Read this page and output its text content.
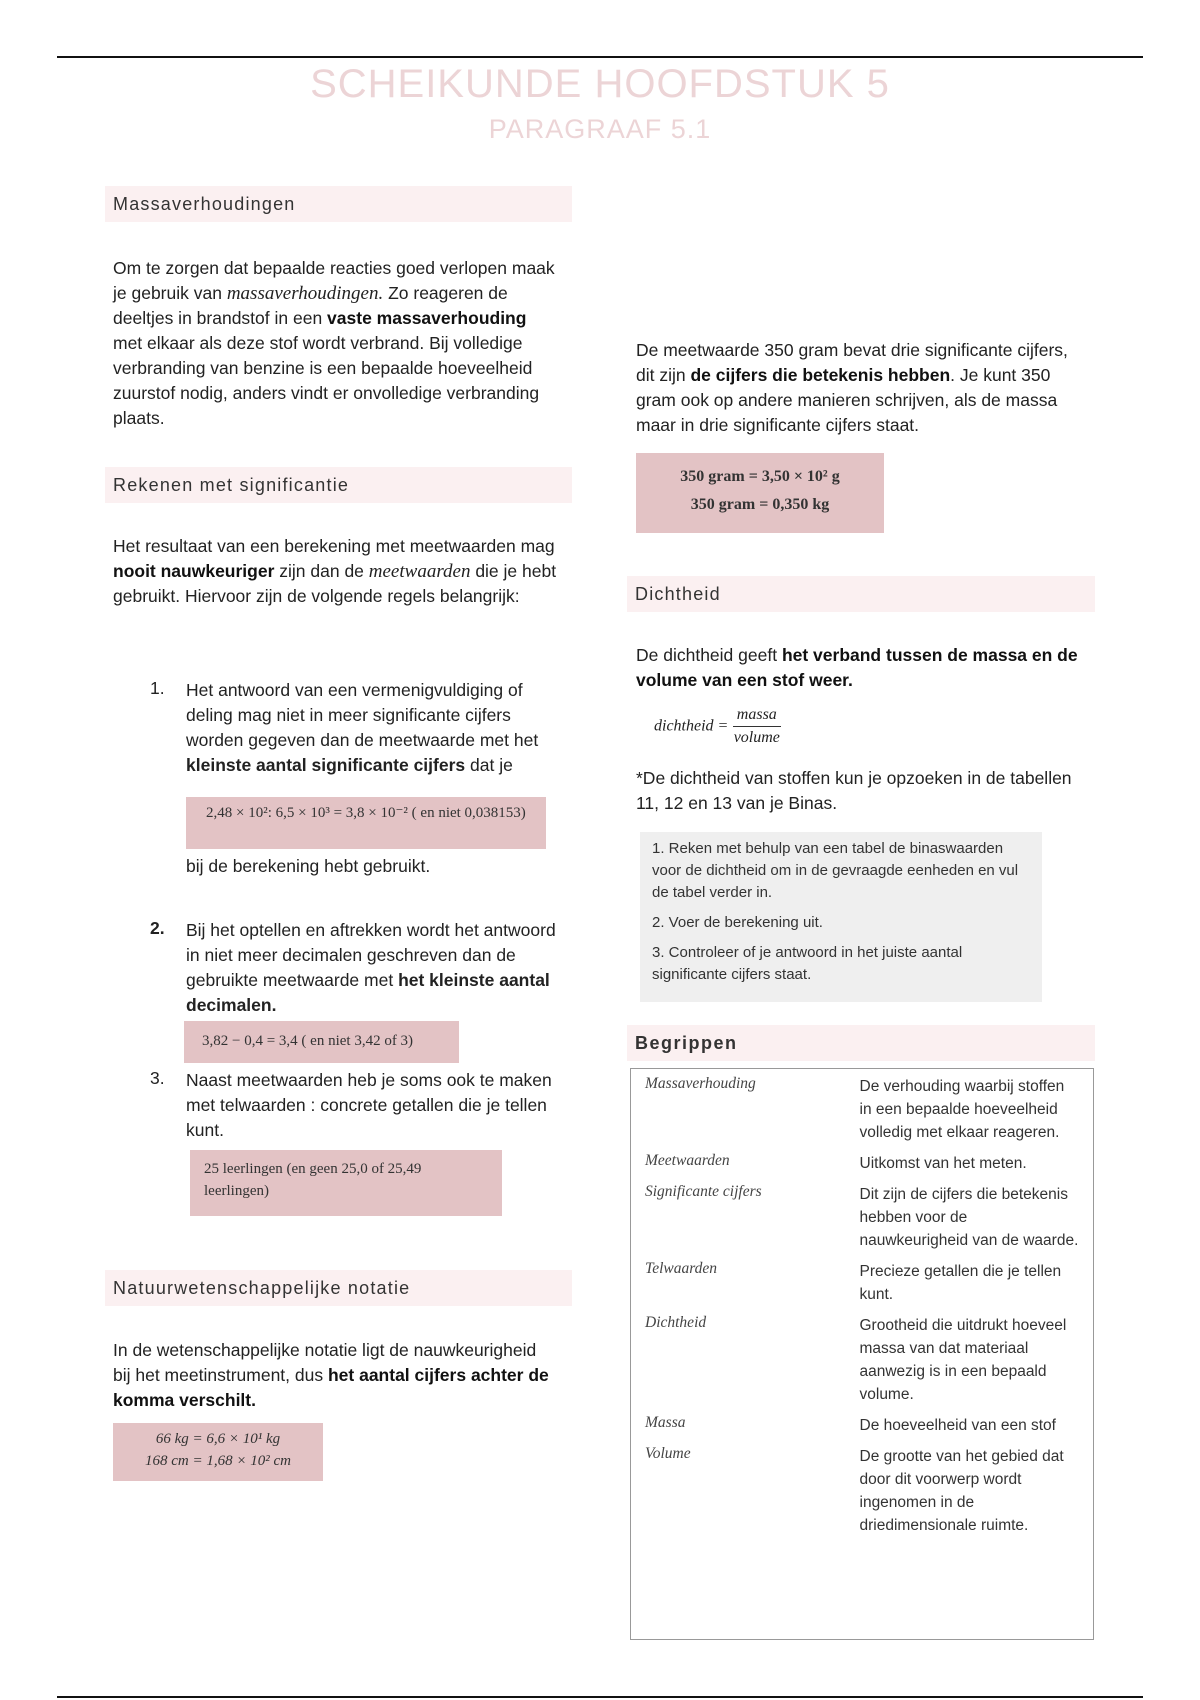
SCHEIKUNDE HOOFDSTUK 5
PARAGRAAF 5.1
Massaverhoudingen
Om te zorgen dat bepaalde reacties goed verlopen maak je gebruik van massaverhoudingen. Zo reageren de deeltjes in brandstof in een vaste massaverhouding met elkaar als deze stof wordt verbrand. Bij volledige verbranding van benzine is een bepaalde hoeveelheid zuurstof nodig, anders vindt er onvolledige verbranding plaats.
Rekenen met significantie
Het resultaat van een berekening met meetwaarden mag nooit nauwkeuriger zijn dan de meetwaarden die je hebt gebruikt. Hiervoor zijn de volgende regels belangrijk:
1. Het antwoord van een vermenigvuldiging of deling mag niet in meer significante cijfers worden gegeven dan de meetwaarde met het kleinste aantal significante cijfers dat je
2,48 × 10²: 6,5 × 10³ = 3,8 × 10⁻² ( en niet 0,038153)
bij de berekening hebt gebruikt.
2. Bij het optellen en aftrekken wordt het antwoord in niet meer decimalen geschreven dan de gebruikte meetwaarde met het kleinste aantal decimalen.
3,82 − 0,4 = 3,4 ( en niet 3,42 of 3)
3. Naast meetwaarden heb je soms ook te maken met telwaarden : concrete getallen die je tellen kunt.
25 leerlingen (en geen 25,0 of 25,49 leerlingen)
Natuurwetenschappelijke notatie
In de wetenschappelijke notatie ligt de nauwkeurigheid bij het meetinstrument, dus het aantal cijfers achter de komma verschilt.
66 kg = 6,6 × 10¹ kg
168 cm = 1,68 × 10² cm
De meetwaarde 350 gram bevat drie significante cijfers, dit zijn de cijfers die betekenis hebben. Je kunt 350 gram ook op andere manieren schrijven, als de massa maar in drie significante cijfers staat.
350 gram = 3,50 × 10² g
350 gram = 0,350 kg
Dichtheid
De dichtheid geeft het verband tussen de massa en de volume van een stof weer.
dichtheid = $\frac{\text{massa}}{\text{volume}}$
*De dichtheid van stoffen kun je opzoeken in de tabellen 11, 12 en 13 van je Binas.
1. Reken met behulp van een tabel de binaswaarden voor de dichtheid om in de gevraagde eenheden en vul de tabel verder in.
2. Voer de berekening uit.
3. Controleer of je antwoord in het juiste aantal significante cijfers staat.
Begrippen
Massaverhouding	De verhouding waarbij stoffen in een bepaalde hoeveelheid volledig met elkaar reageren.
Meetwaarden	Uitkomst van het meten.
Significante cijfers	Dit zijn de cijfers die betekenis hebben voor de nauwkeurigheid van de waarde.
Telwaarden	Precieze getallen die je tellen kunt.
Dichtheid	Grootheid die uitdrukt hoeveel massa van dat materiaal aanwezig is in een bepaald volume.
Massa	De hoeveelheid van een stof
Volume	De grootte van het gebied dat door dit voorwerp wordt ingenomen in de driedimensionale ruimte.
